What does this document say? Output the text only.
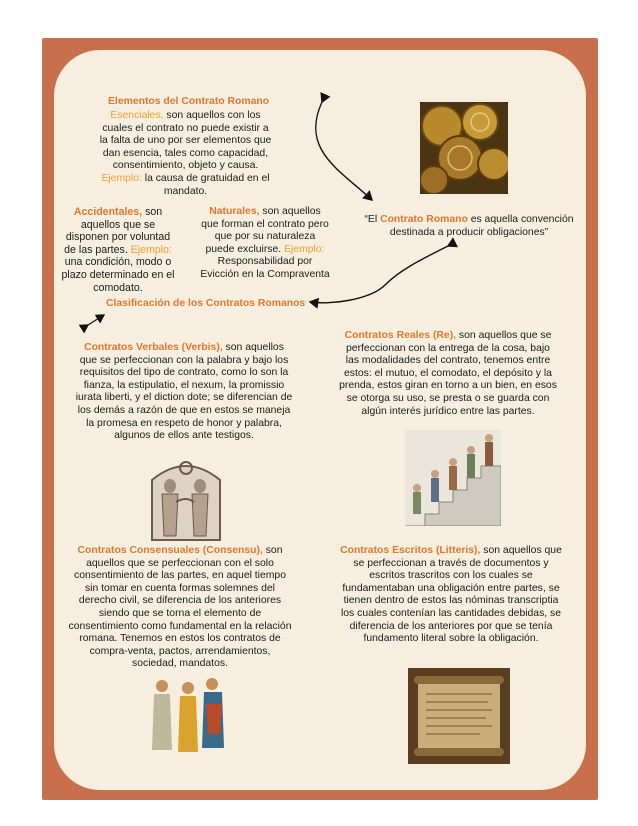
Elementos del Contrato Romano
Esenciales, son aquellos con los cuales el contrato no puede existir a la falta de uno por ser elementos que dan esencia, tales como capacidad, consentimiento, objeto y causa. Ejemplo: la causa de gratuidad en el mandato.
Accidentales, son aquellos que se disponen por voluntad de las partes. Ejemplo: una condición, modo o plazo determinado en el comodato.
Naturales, son aquellos que forman el contrato pero que por su naturaleza puede excluirse. Ejemplo: Responsabilidad por Evicción en la Compraventa
“El Contrato Romano es aquella convención destinada a producir obligaciones”
Clasificación de los Contratos Romanos
Contratos Verbales (Verbis), son aquellos que se perfeccionan con la palabra y bajo los requisitos del tipo de contrato, como lo son la fianza, la estipulatio, el nexum, la promissio iurata liberti, y el diction dote; se diferencian de los demás a razón de que en estos se maneja la promesa en respeto de honor y palabra, algunos de ellos ante testigos.
Contratos Reales (Re), son aquellos que se perfeccionan con la entrega de la cosa, bajo las modalidades del contrato, tenemos entre estos: el mutuo, el comodato, el depósito y la prenda, estos giran en torno a un bien, en esos se otorga su uso, se presta o se guarda con algún interés jurídico entre las partes.
Contratos Consensuales (Consensu), son aquellos que se perfeccionan con el solo consentimiento de las partes, en aquel tiempo sin tomar en cuenta formas solemnes del derecho civil, se diferencia de los anteriores siendo que se torna el elemento de consentimiento como fundamental en la relación romana. Tenemos en estos los contratos de compra-venta, pactos, arrendamientos, sociedad, mandatos.
Contratos Escritos (Litteris), son aquellos que se perfeccionan a través de documentos y escritos trascritos con los cuales se fundamentaban una obligación entre partes, se tienen dentro de estos las nóminas transcriptia los cuales contenían las cantidades debidas, se diferencia de los anteriores por que se tenía fundamento literal sobre la obligación.
